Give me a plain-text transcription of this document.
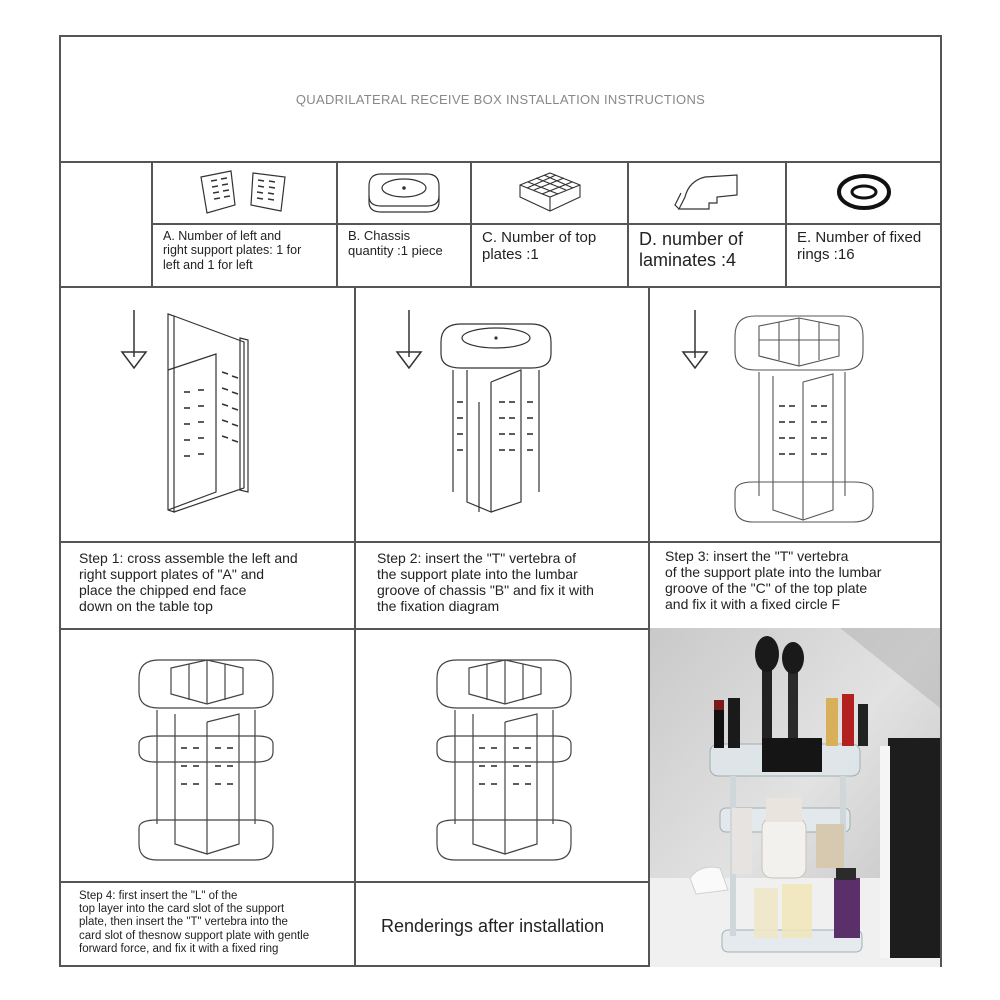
QUADRILATERAL RECEIVE BOX INSTALLATION INSTRUCTIONS
A. Number of left and
right support plates: 1 for
left and 1 for left
B. Chassis
quantity :1 piece
C. Number of top
plates :1
D. number of
laminates :4
E. Number of fixed
rings :16
Step 1: cross assemble the left and
right support plates of "A" and
place the chipped end face
down on the table top
Step 2: insert the "T" vertebra of
the support plate into the lumbar
groove of chassis "B" and fix it with
the fixation diagram
Step 3: insert the "T" vertebra
of the support plate into the lumbar
groove of the "C" of the top plate
and fix it with a fixed circle F
Step 4: first insert the "L" of the
top layer into the card slot of the support
plate, then insert the "T" vertebra into the
card slot of thesnow support plate with gentle
forward force, and fix it with a fixed ring
Renderings after installation
